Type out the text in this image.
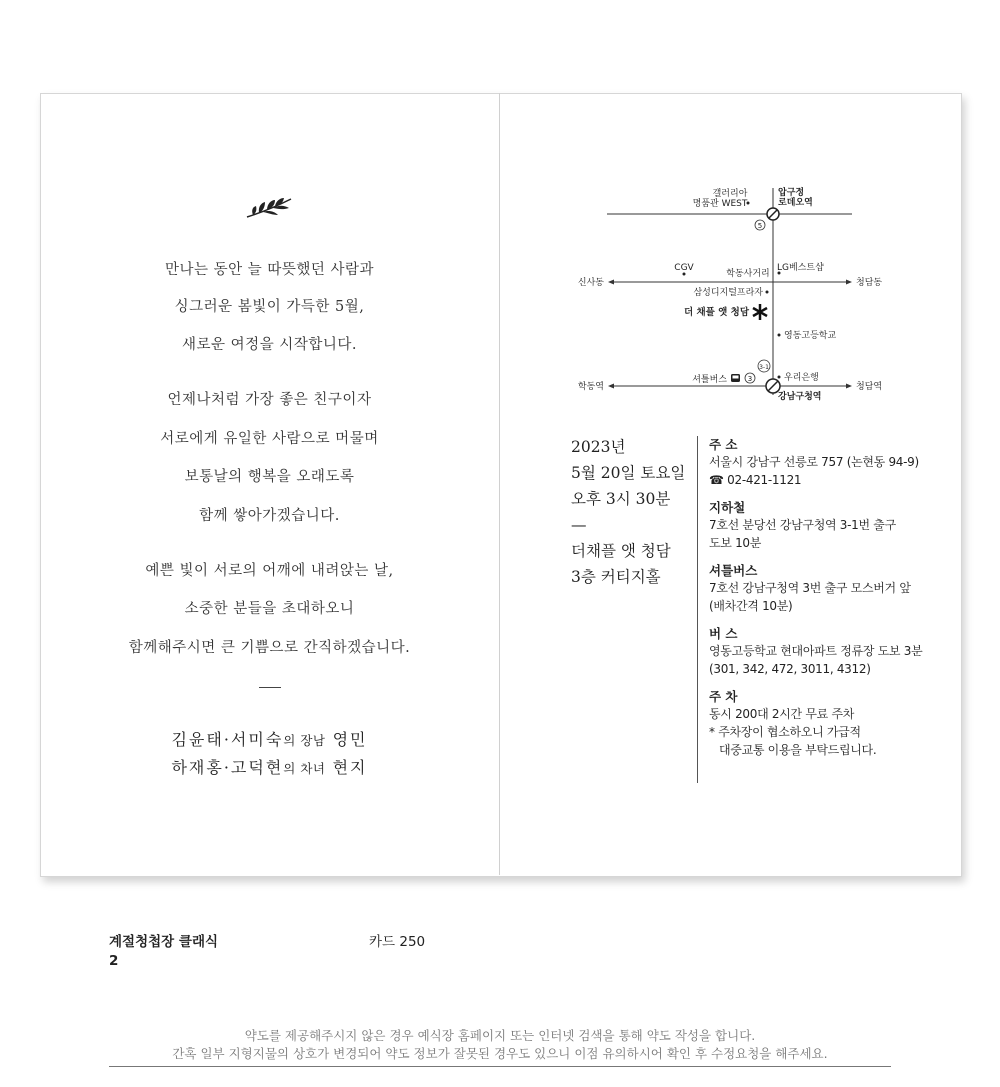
만나는 동안 늘 따뜻했던 사람과
싱그러운 봄빛이 가득한 5월,
새로운 여정을 시작합니다.
언제나처럼 가장 좋은 친구이자
서로에게 유일한 사람으로 머물며
보통날의 행복을 오래도록
함께 쌓아가겠습니다.
예쁜 빛이 서로의 어깨에 내려앉는 날,
소중한 분들을 초대하오니
함께해주시면 큰 기쁨으로 간직하겠습니다.
김윤태·서미숙의 장남 영민
하재홍·고덕현의 차녀 현지
5
3-1
3
갤러리아
명품관 WEST
압구정
로데오역
CGV
학동사거리
LG베스트샵
신사동	청담동
삼성디지털프라자
더 채플 앳 청담
영동고등학교
우리은행
셔틀버스
학동역	청담역
강남구청역
2023년
5월 20일 토요일
오후 3시 30분
—
더채플 앳 청담
3층 커티지홀
주 소
서울시 강남구 선릉로 757 (논현동 94-9)
☎ 02-421-1121
지하철
7호선 분당선 강남구청역 3-1번 출구
도보 10분
셔틀버스
7호선 강남구청역 3번 출구 모스버거 앞
(배차간격 10분)
버 스
영동고등학교 현대아파트 정류장 도보 3분
(301, 342, 472, 3011, 4312)
주 차
동시 200대 2시간 무료 주차
* 주차장이 협소하오니 가급적
대중교통 이용을 부탁드립니다.
계절청첩장 클래식
2
카드 250
약도를 제공해주시지 않은 경우 예식장 홈페이지 또는 인터넷 검색을 통해 약도 작성을 합니다.
간혹 일부 지형지물의 상호가 변경되어 약도 정보가 잘못된 경우도 있으니 이점 유의하시어 확인 후 수정요청을 해주세요.
